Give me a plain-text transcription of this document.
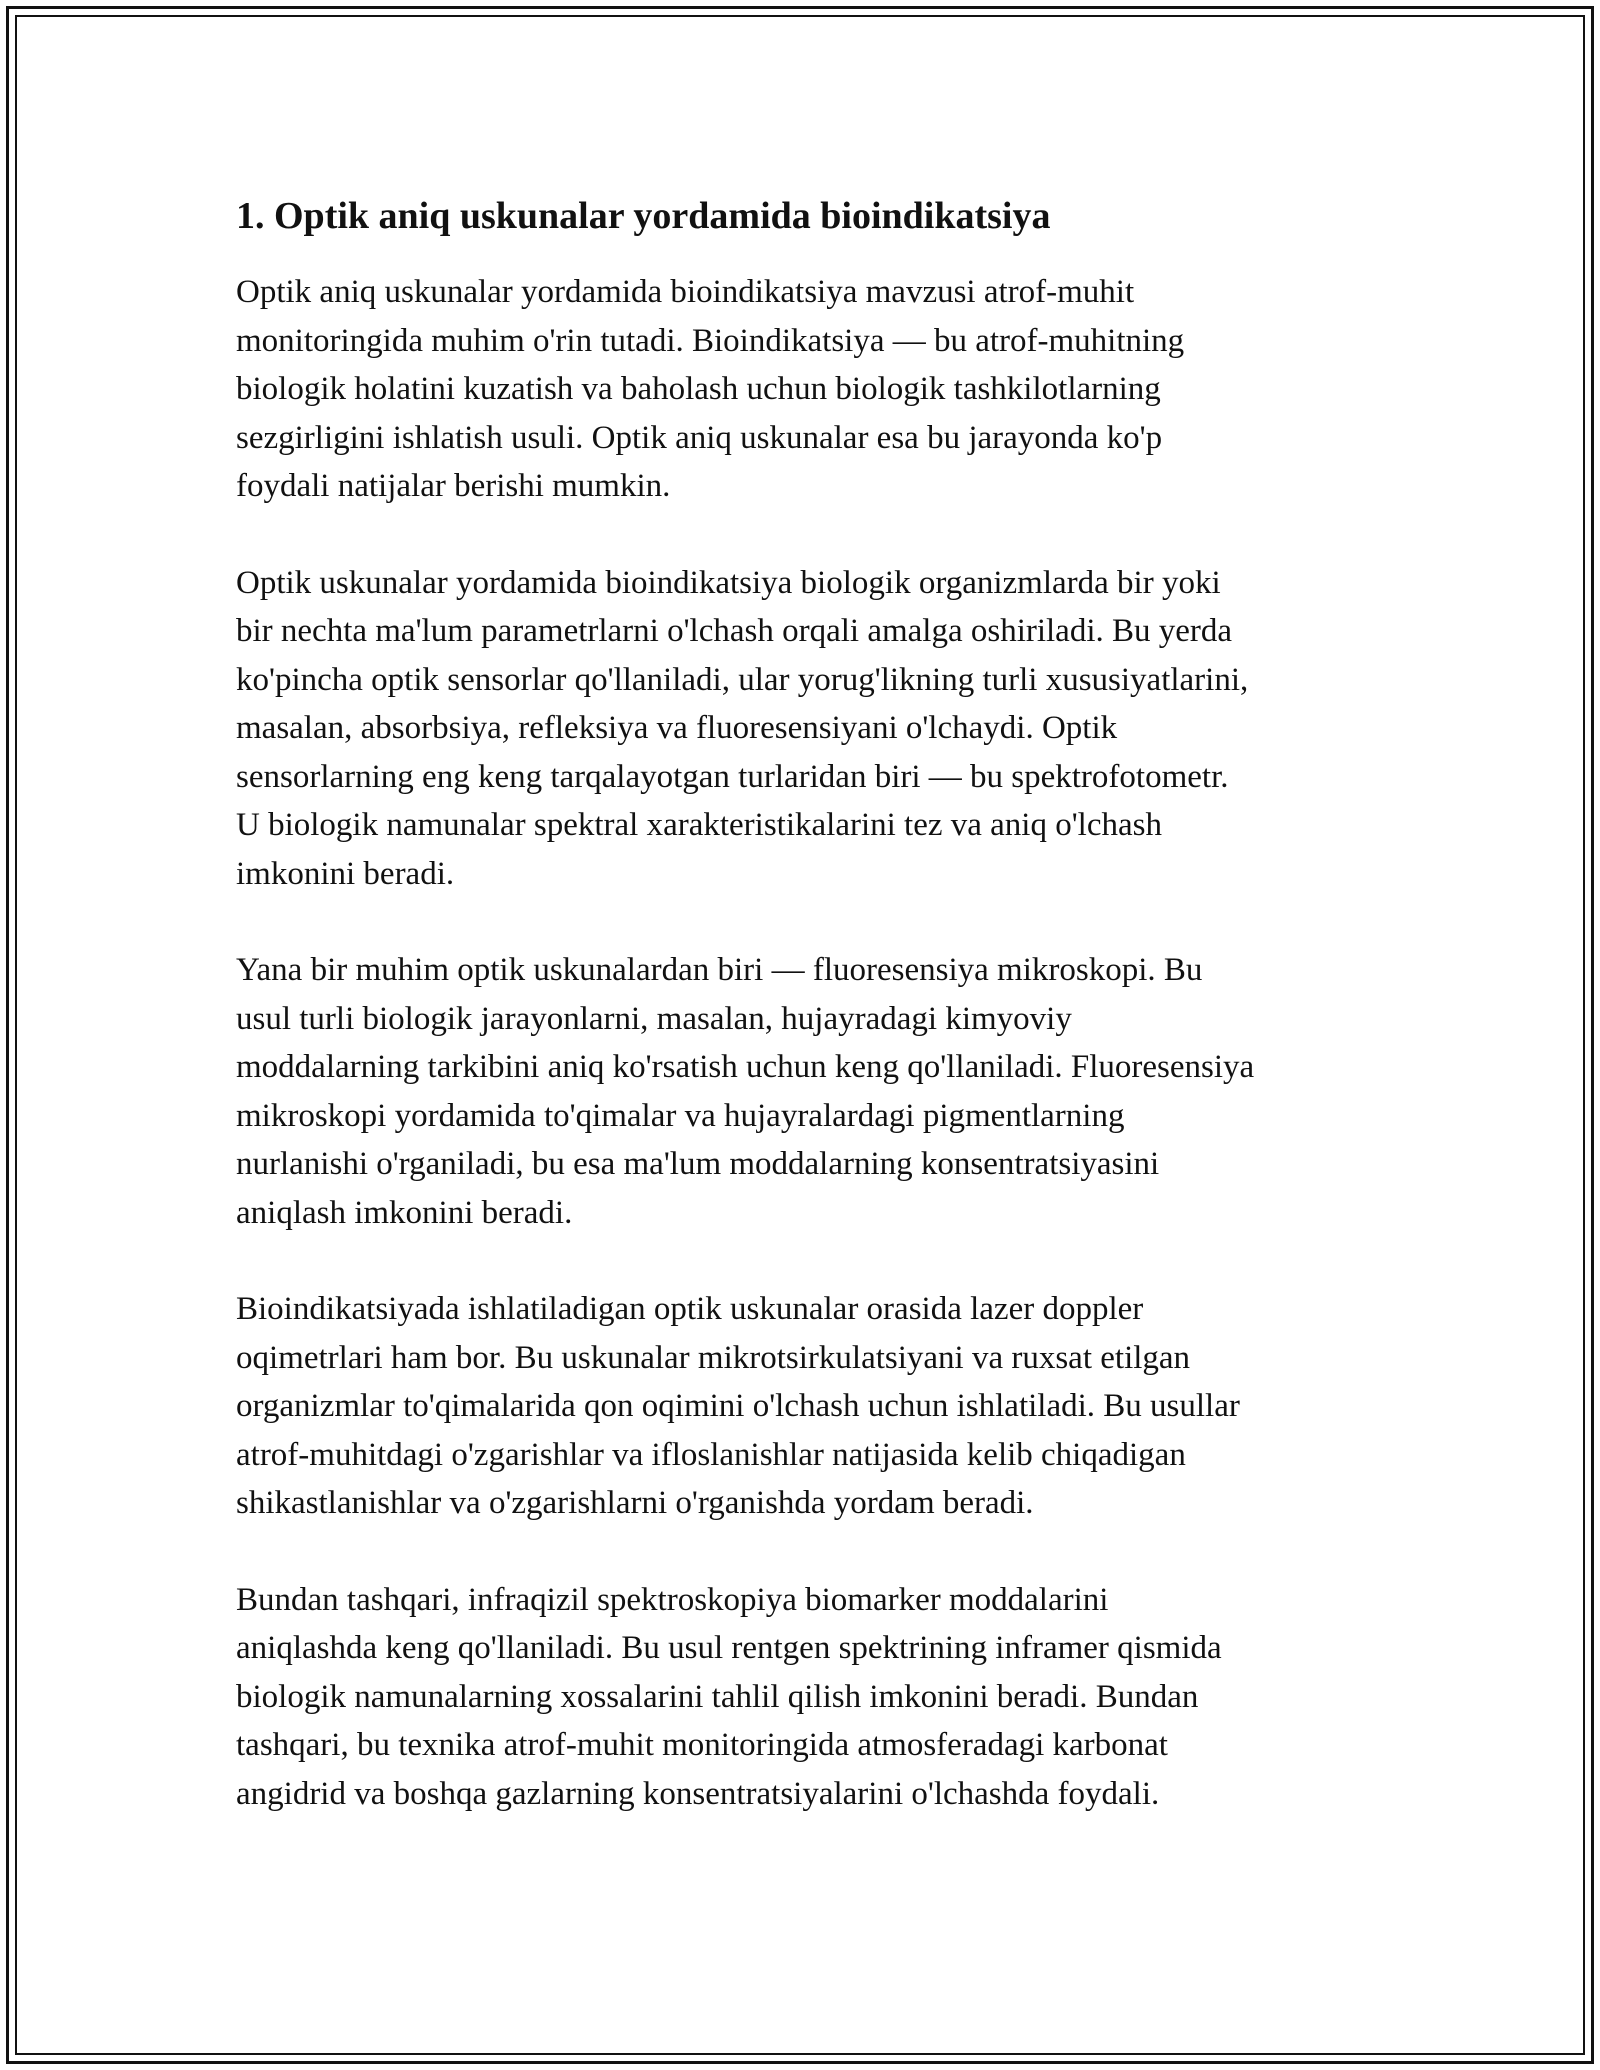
1. Optik aniq uskunalar yordamida bioindikatsiya

Optik aniq uskunalar yordamida bioindikatsiya mavzusi atrof-muhit
monitoringida muhim o'rin tutadi. Bioindikatsiya — bu atrof-muhitning
biologik holatini kuzatish va baholash uchun biologik tashkilotlarning
sezgirligini ishlatish usuli. Optik aniq uskunalar esa bu jarayonda ko'p
foydali natijalar berishi mumkin.

Optik uskunalar yordamida bioindikatsiya biologik organizmlarda bir yoki
bir nechta ma'lum parametrlarni o'lchash orqali amalga oshiriladi. Bu yerda
ko'pincha optik sensorlar qo'llaniladi, ular yorug'likning turli xususiyatlarini,
masalan, absorbsiya, refleksiya va fluoresensiyani o'lchaydi. Optik
sensorlarning eng keng tarqalayotgan turlaridan biri — bu spektrofotometr.
U biologik namunalar spektral xarakteristikalarini tez va aniq o'lchash
imkonini beradi.

Yana bir muhim optik uskunalardan biri — fluoresensiya mikroskopi. Bu
usul turli biologik jarayonlarni, masalan, hujayradagi kimyoviy
moddalarning tarkibini aniq ko'rsatish uchun keng qo'llaniladi. Fluoresensiya
mikroskopi yordamida to'qimalar va hujayralardagi pigmentlarning
nurlanishi o'rganiladi, bu esa ma'lum moddalarning konsentratsiyasini
aniqlash imkonini beradi.

Bioindikatsiyada ishlatiladigan optik uskunalar orasida lazer doppler
oqimetrlari ham bor. Bu uskunalar mikrotsirkulatsiyani va ruxsat etilgan
organizmlar to'qimalarida qon oqimini o'lchash uchun ishlatiladi. Bu usullar
atrof-muhitdagi o'zgarishlar va ifloslanishlar natijasida kelib chiqadigan
shikastlanishlar va o'zgarishlarni o'rganishda yordam beradi.

Bundan tashqari, infraqizil spektroskopiya biomarker moddalarini
aniqlashda keng qo'llaniladi. Bu usul rentgen spektrining inframer qismida
biologik namunalarning xossalarini tahlil qilish imkonini beradi. Bundan
tashqari, bu texnika atrof-muhit monitoringida atmosferadagi karbonat
angidrid va boshqa gazlarning konsentratsiyalarini o'lchashda foydali.
